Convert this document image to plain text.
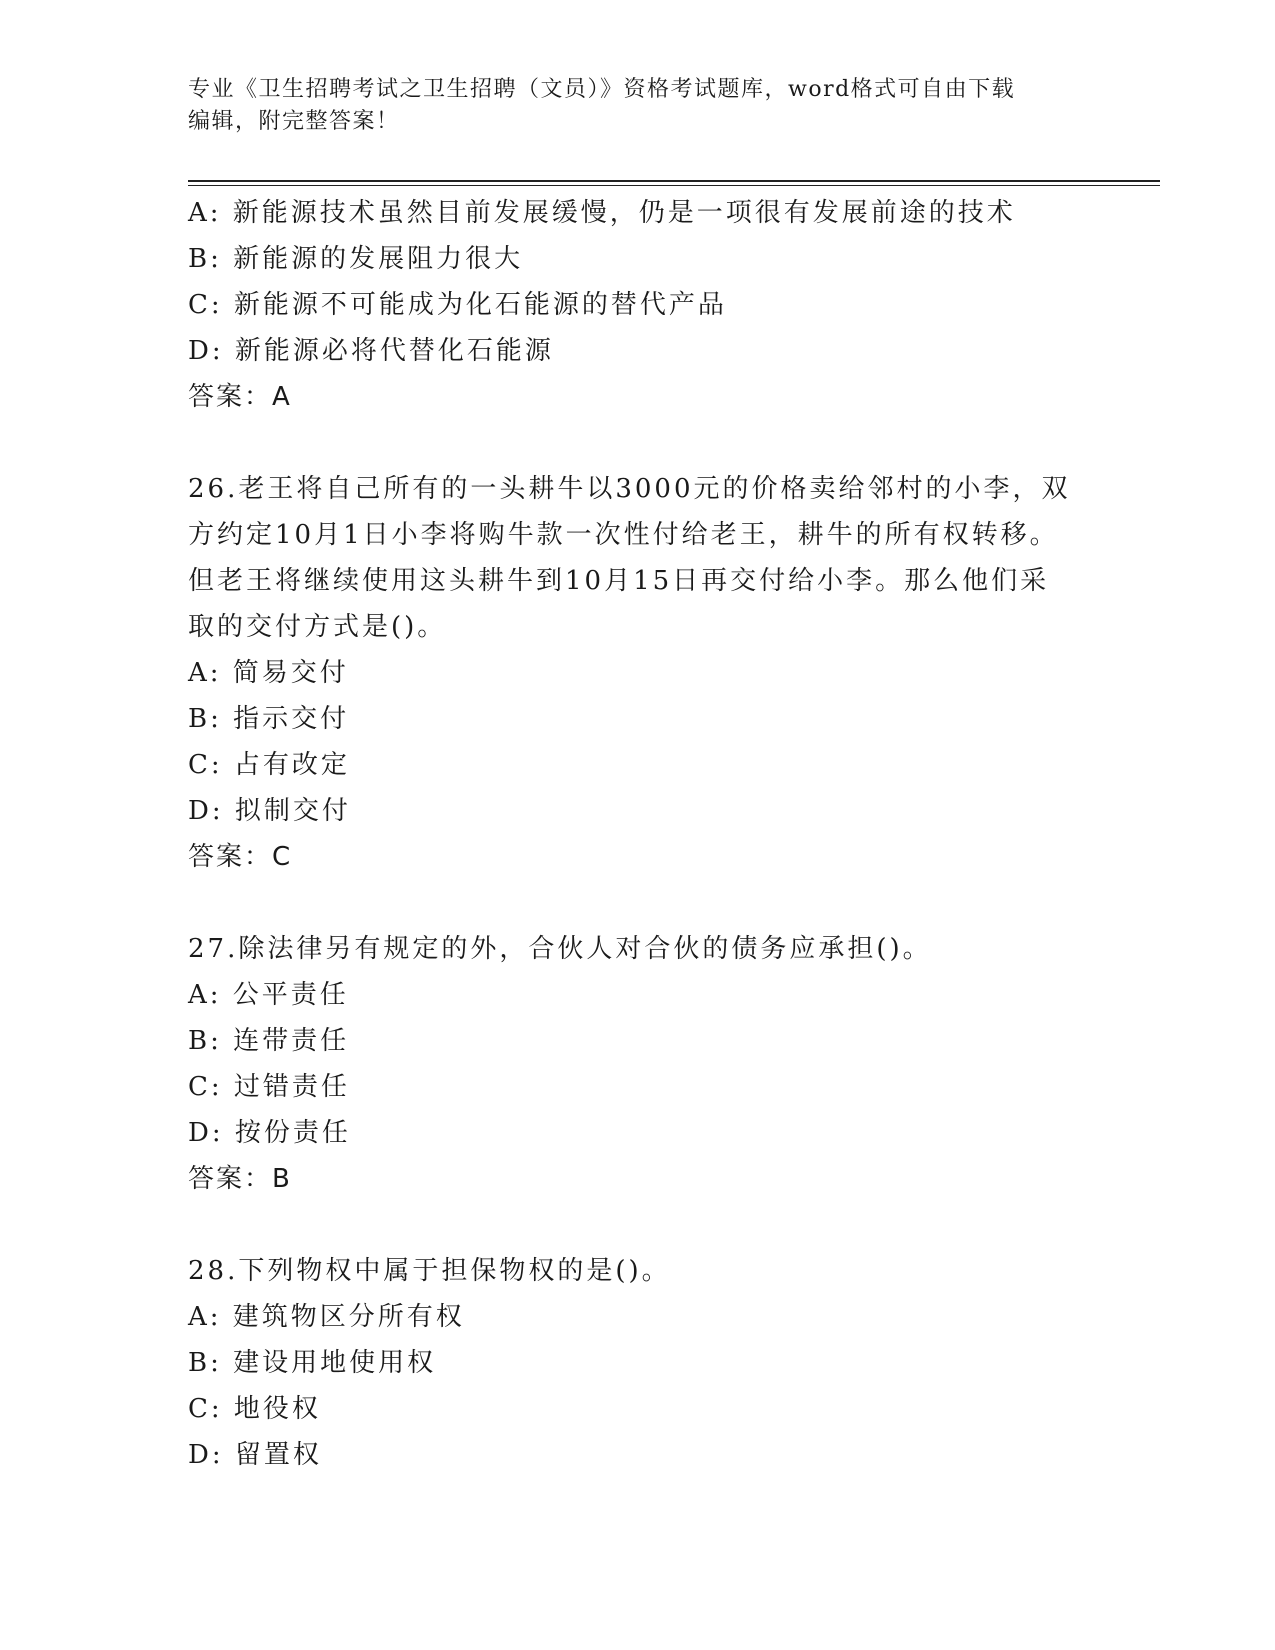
专业《卫生招聘考试之卫生招聘（文员）》资格考试题库，word格式可自由下载
编辑，附完整答案！
A: 新能源技术虽然目前发展缓慢，仍是一项很有发展前途的技术
B: 新能源的发展阻力很大
C: 新能源不可能成为化石能源的替代产品
D: 新能源必将代替化石能源
答案：A
26.老王将自己所有的一头耕牛以3000元的价格卖给邻村的小李，双
方约定10月1日小李将购牛款一次性付给老王，耕牛的所有权转移。
但老王将继续使用这头耕牛到10月15日再交付给小李。那么他们采
取的交付方式是()。
A: 简易交付
B: 指示交付
C: 占有改定
D: 拟制交付
答案：C
27.除法律另有规定的外，合伙人对合伙的债务应承担()。
A: 公平责任
B: 连带责任
C: 过错责任
D: 按份责任
答案：B
28.下列物权中属于担保物权的是()。
A: 建筑物区分所有权
B: 建设用地使用权
C: 地役权
D: 留置权
